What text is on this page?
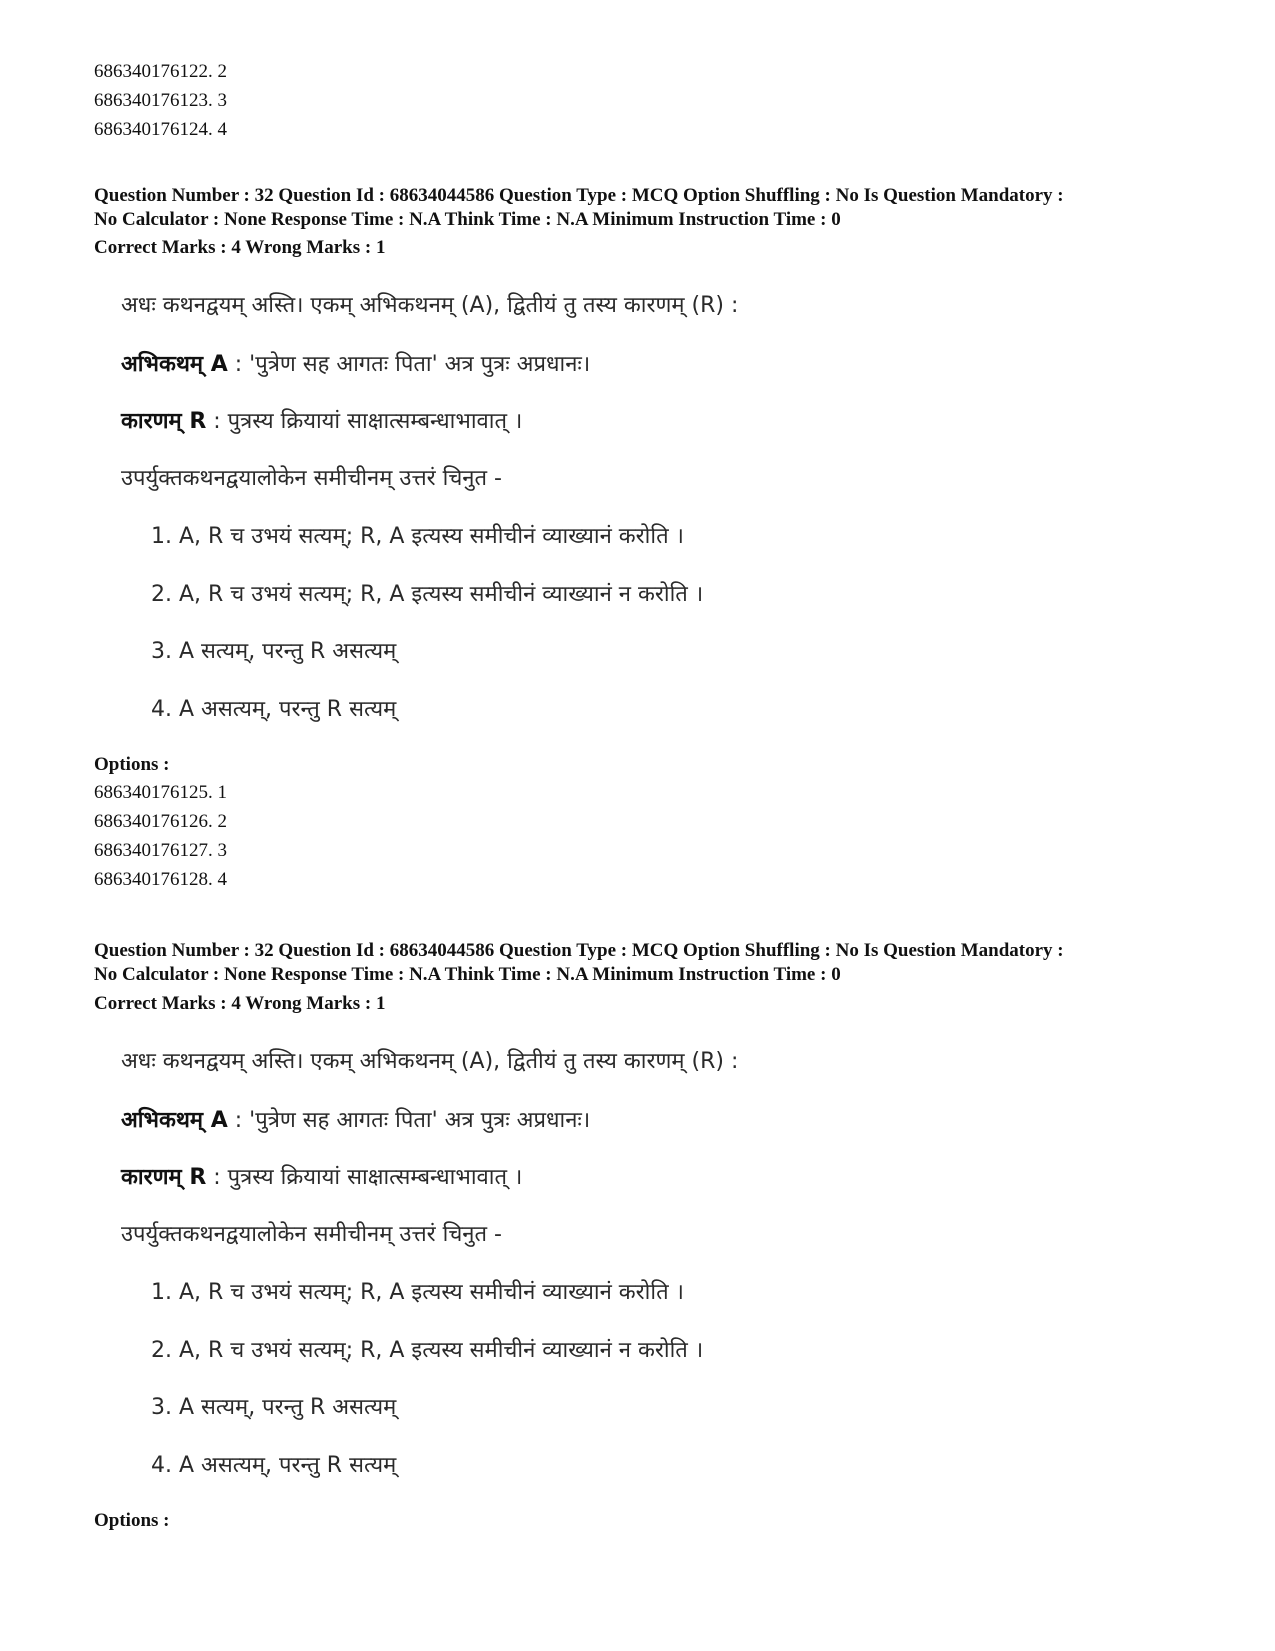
686340176122. 2
686340176123. 3
686340176124. 4
Question Number : 32 Question Id : 68634044586 Question Type : MCQ Option Shuffling : No Is Question Mandatory :
No Calculator : None Response Time : N.A Think Time : N.A Minimum Instruction Time : 0
Correct Marks : 4 Wrong Marks : 1
अधः कथनद्वयम् अस्ति। एकम् अभिकथनम् (A), द्वितीयं तु तस्य कारणम् (R) :
अभिकथम् A : 'पुत्रेण सह आगतः पिता' अत्र पुत्रः अप्रधानः।
कारणम् R : पुत्रस्य क्रियायां साक्षात्सम्बन्धाभावात् ।
उपर्युक्तकथनद्वयालोकेन समीचीनम् उत्तरं चिनुत -
1. A, R च उभयं सत्यम्; R, A इत्यस्य समीचीनं व्याख्यानं करोति ।
2. A, R च उभयं सत्यम्; R, A इत्यस्य समीचीनं व्याख्यानं न करोति ।
3. A सत्यम्, परन्तु R असत्यम्
4. A असत्यम्, परन्तु R सत्यम्
Options :
686340176125. 1
686340176126. 2
686340176127. 3
686340176128. 4
Question Number : 32 Question Id : 68634044586 Question Type : MCQ Option Shuffling : No Is Question Mandatory :
No Calculator : None Response Time : N.A Think Time : N.A Minimum Instruction Time : 0
Correct Marks : 4 Wrong Marks : 1
अधः कथनद्वयम् अस्ति। एकम् अभिकथनम् (A), द्वितीयं तु तस्य कारणम् (R) :
अभिकथम् A : 'पुत्रेण सह आगतः पिता' अत्र पुत्रः अप्रधानः।
कारणम् R : पुत्रस्य क्रियायां साक्षात्सम्बन्धाभावात् ।
उपर्युक्तकथनद्वयालोकेन समीचीनम् उत्तरं चिनुत -
1. A, R च उभयं सत्यम्; R, A इत्यस्य समीचीनं व्याख्यानं करोति ।
2. A, R च उभयं सत्यम्; R, A इत्यस्य समीचीनं व्याख्यानं न करोति ।
3. A सत्यम्, परन्तु R असत्यम्
4. A असत्यम्, परन्तु R सत्यम्
Options :
